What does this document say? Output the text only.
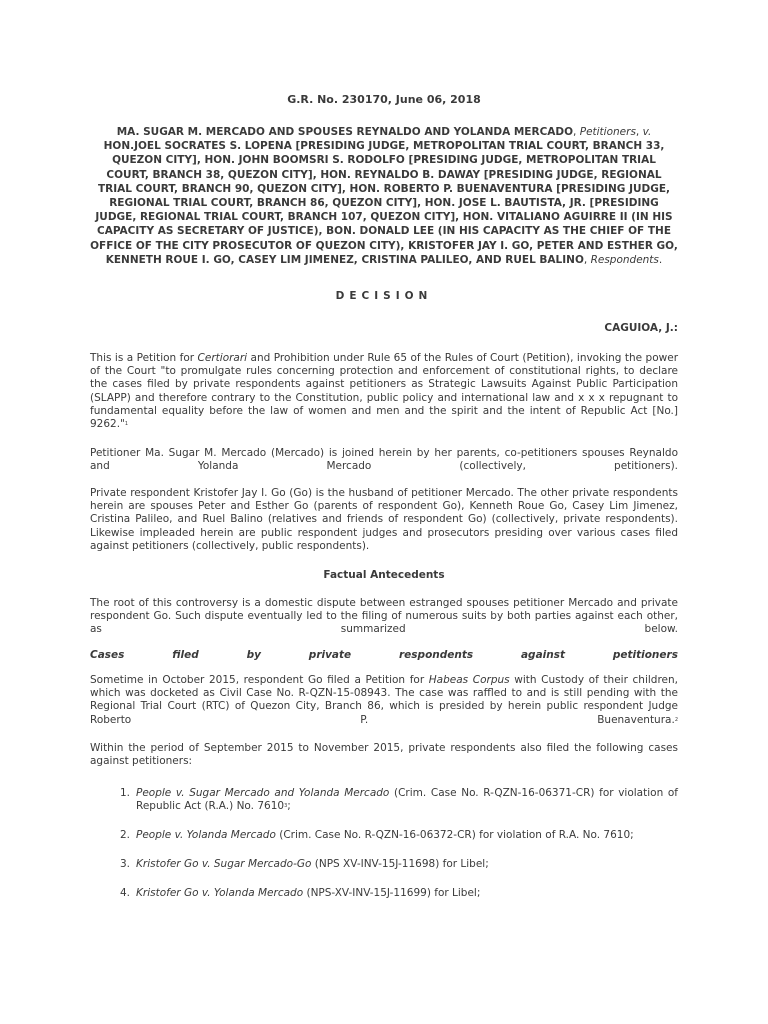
G.R. No. 230170, June 06, 2018
MA. SUGAR M. MERCADO AND SPOUSES REYNALDO AND YOLANDA MERCADO, Petitioners, v.
HON.JOEL SOCRATES S. LOPENA [PRESIDING JUDGE, METROPOLITAN TRIAL COURT, BRANCH 33, QUEZON CITY], HON. JOHN BOOMSRI S. RODOLFO [PRESIDING JUDGE, METROPOLITAN TRIAL COURT, BRANCH 38, QUEZON CITY], HON. REYNALDO B. DAWAY [PRESIDING JUDGE, REGIONAL TRIAL COURT, BRANCH 90, QUEZON CITY], HON. ROBERTO P. BUENAVENTURA [PRESIDING JUDGE, REGIONAL TRIAL COURT, BRANCH 86, QUEZON CITY], HON. JOSE L. BAUTISTA, JR. [PRESIDING JUDGE, REGIONAL TRIAL COURT, BRANCH 107, QUEZON CITY], HON. VITALIANO AGUIRRE II (IN HIS CAPACITY AS SECRETARY OF JUSTICE), BON. DONALD LEE (IN HIS CAPACITY AS THE CHIEF OF THE OFFICE OF THE CITY PROSECUTOR OF QUEZON CITY), KRISTOFER JAY I. GO, PETER AND ESTHER GO, KENNETH ROUE I. GO, CASEY LIM JIMENEZ, CRISTINA PALILEO, AND RUEL BALINO, Respondents.
DECISION
CAGUIOA, J.:
This is a Petition for Certiorari and Prohibition under Rule 65 of the Rules of Court (Petition), invoking the power of the Court "to promulgate rules concerning protection and enforcement of constitutional rights, to declare the cases filed by private respondents against petitioners as Strategic Lawsuits Against Public Participation (SLAPP) and therefore contrary to the Constitution, public policy and international law and x x x repugnant to fundamental equality before the law of women and men and the spirit and the intent of Republic Act [No.] 9262."$^1$
Petitioner Ma. Sugar M. Mercado (Mercado) is joined herein by her parents, co-petitioners spouses Reynaldo and Yolanda Mercado (collectively, petitioners).
Private respondent Kristofer Jay I. Go (Go) is the husband of petitioner Mercado. The other private respondents herein are spouses Peter and Esther Go (parents of respondent Go), Kenneth Roue Go, Casey Lim Jimenez, Cristina Palileo, and Ruel Balino (relatives and friends of respondent Go) (collectively, private respondents). Likewise impleaded herein are public respondent judges and prosecutors presiding over various cases filed against petitioners (collectively, public respondents).
Factual Antecedents
The root of this controversy is a domestic dispute between estranged spouses petitioner Mercado and private respondent Go. Such dispute eventually led to the filing of numerous suits by both parties against each other, as summarized below.
Cases	filed	by	private	respondents	against	petitioners
Sometime in October 2015, respondent Go filed a Petition for Habeas Corpus with Custody of their children, which was docketed as Civil Case No. R-QZN-15-08943. The case was raffled to and is still pending with the Regional Trial Court (RTC) of Quezon City, Branch 86, which is presided by herein public respondent Judge Roberto P. Buenaventura.$^2$
Within the period of September 2015 to November 2015, private respondents also filed the following cases against petitioners:
1. People v. Sugar Mercado and Yolanda Mercado (Crim. Case No. R-QZN-16-06371-CR) for violation of Republic Act (R.A.) No. 7610$^3$;
2. People v. Yolanda Mercado (Crim. Case No. R-QZN-16-06372-CR) for violation of R.A. No. 7610;
3. Kristofer Go v. Sugar Mercado-Go (NPS XV-INV-15J-11698) for Libel;
4. Kristofer Go v. Yolanda Mercado (NPS-XV-INV-15J-11699) for Libel;
